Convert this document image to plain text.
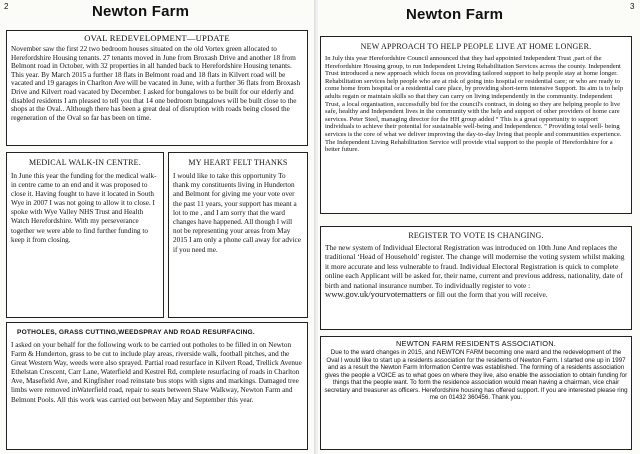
2	Newton Farm
OVAL REDEVELOPMENT—UPDATE

November saw the first 22 two bedroom houses situated on the old Vortex green allocated to Herefordshire Housing tenants. 27 tenants moved in June from Broxash Drive and another 18 from Belmont road in October, with 32 properties in all handed back to Herefordshire Housing tenants. This year. By March 2015 a further 18 flats in Belmont road and 18 flats in Kilvert road will be vacated and 19 garages in Charlton Ave will be vacated in June, with a further 36 flats from Broxash Drive and Kilvert road vacated by December. I asked for bungalows to be built for our elderly and disabled residents I am pleased to tell you that 14 one bedroom bungalows will be built close to the shops at the Oval.. Although there has been a great deal of disruption with roads being closed the regeneration of the Oval so far has been on time.

MEDICAL WALK-IN CENTRE.

In June this year the funding for the medical walk-in centre came to an end and it was proposed to close it. Having fought to have it located in South Wye in 2007 I was not going to allow it to close. I spoke with Wye Valley NHS Trust and Health Watch Herefordshire. With my perseverance together we were able to find further funding to keep it from closing.

MY HEART FELT THANKS

I would like to take this opportunity To thank my constituents living in Hunderton and Belmont for giving me your vote over the past 11 years, your support has meant a lot to me , and I am sorry that the ward changes have happened. All though I will not be representing your areas from May 2015 I am only a phone call away for advice if you need me.

POTHOLES, GRASS CUTTING,WEEDSPRAY AND ROAD RESURFACING.

I asked on your behalf for the following work to be carried out potholes to be filled in on Newton Farm & Hunderton, grass to be cut to include play areas, riverside walk, football pitches, and the Great Western Way, weeds were also sprayed. Partial road resurface in Kilvert Road, Trellick Avenue Ethelstan Crescent, Carr Lane, Waterfield and Kestrel Rd, complete resurfacing of roads in Charlton Ave, Masefield Ave, and Kingfisher road reinstate bus stops with signs and markings. Damaged tree limbs were removed inWaterfield road, repair to seats between Shaw Walkway, Newton Farm and Belmont Pools. All this work was carried out between May and September this year.

Newton Farm	3
NEW APPROACH TO HELP PEOPLE LIVE AT HOME LONGER.

In July this year Herefordshire Council announced that they had appointed Independent Trust ,part of the Herefordshire Housing group, to run Independent Living Rehabilitation Services across the county. Independent Trust introduced a new approach which focus on providing tailored support to help people stay at home longer. Rehabilitation services help people who are at risk of going into hospital or residential care; or who are ready to come home from hospital or a residential care place, by providing short-term intensive Support. Its aim is to help adults regain or maintain skills so that they can carry on living independently in the community. Independent Trust, a local organisation, successfully bid for the council's contract, in doing so they are helping people to live safe, healthy and Independent lives in the community with the help and support of other providers of home care services. Peter Steel, managing director for the HH group added “ This is a great opportunity to support individuals to achieve their potential for sustainable well-being and Independence. ” Providing total well- being services is the core of what we deliver improving the day-to-day living that people and communities experience. The Independent Living Rehabilitation Service will provide vital support to the people of Herefordshire for a better future.

REGISTER TO VOTE IS CHANGING.

The new system of Individual Electoral Registration was introduced on 10th June And replaces the traditional ‘Head of Household’ register. The change will modernise the voting system whilst making it more accurate and less vulnerable to fraud. Individual Electoral Registration is quick to complete online each Applicant will be asked for, their name, current and previous address, nationality, date of birth and national insurance number. To individually register to vote : www.gov.uk/yourvotematters or fill out the form that you will receive.

NEWTON FARM RESIDENTS ASSOCIATION.

Due to the ward changes in 2015, and NEWTON FARM becoming one ward and the redevelopment of the Oval I would like to start up a residents association for the residents of Newton Farm. I started one up in 1997 and as a result the Newton Farm Information Centre was established. The forming of a residents association gives the people a VOICE as to what goes on where they live, also enable the association to obtain funding for things that the people want. To form the residence association would mean having a chairman, vice chair secretary and treasurer as officers. Herefordshire housing has offered support. If you are interested please ring me on 01432 360456. Thank you.
